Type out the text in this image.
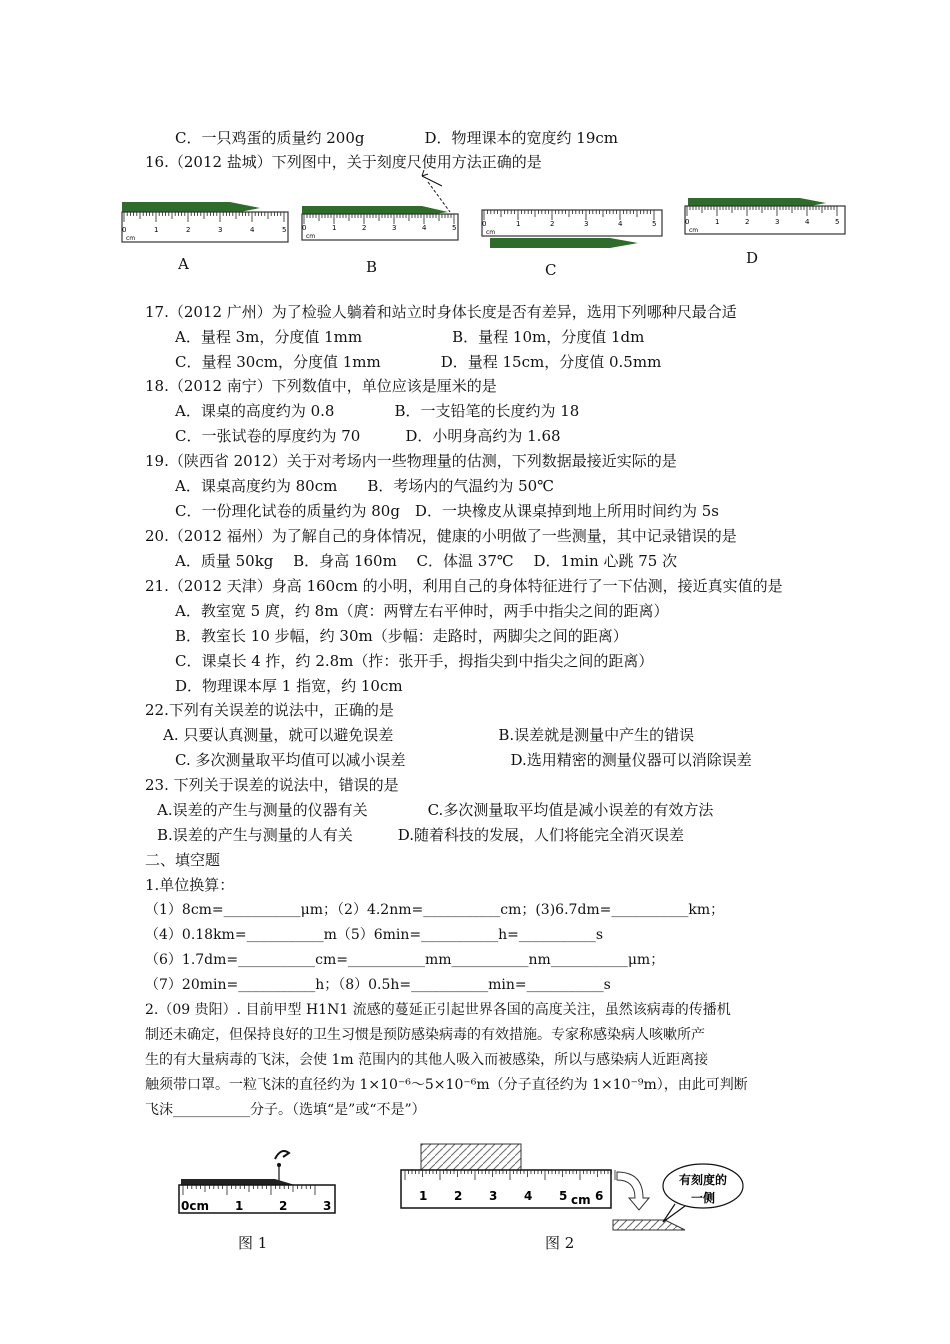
C．一只鸡蛋的质量约 200g　　　　D．物理课本的宽度约 19cm
16.（2012 盐城）下列图中，关于刻度尺使用方法正确的是
0	1	2	3	4	5
cm
0	1	2	3	4	5
cm
0	1	2	3	4	5
cm
0	1	2	3	4	5
cm
A	B	C
D
17.（2012 广州）为了检验人躺着和站立时身体长度是否有差异，选用下列哪种尺最合适
A．量程 3m，分度值 1mm　　　　　　B．量程 10m，分度值 1dm
C．量程 30cm，分度值 1mm　　　　D．量程 15cm，分度值 0.5mm
18.（2012 南宁）下列数值中，单位应该是厘米的是
A．课桌的高度约为 0.8　　　　B．一支铅笔的长度约为 18
C．一张试卷的厚度约为 70　　　D．小明身高约为 1.68
19.（陕西省 2012）关于对考场内一些物理量的估测，下列数据最接近实际的是
A．课桌高度约为 80cm　　B．考场内的气温约为 50℃
C．一份理化试卷的质量约为 80g　D．一块橡皮从课桌掉到地上所用时间约为 5s
20.（2012 福州）为了解自己的身体情况，健康的小明做了一些测量，其中记录错误的是
A．质量 50kg　 B．身高 160m　 C．体温 37℃　 D．1min 心跳 75 次
21.（2012 天津）身高 160cm 的小明，利用自己的身体特征进行了一下估测，接近真实值的是
A．教室宽 5 庹，约 8m（庹：两臂左右平伸时，两手中指尖之间的距离）
B．教室长 10 步幅，约 30m（步幅：走路时，两脚尖之间的距离）
C．课桌长 4 拃，约 2.8m（拃：张开手，拇指尖到中指尖之间的距离）
D．物理课本厚 1 指宽，约 10cm
22.下列有关误差的说法中，正确的是
A. 只要认真测量，就可以避免误差　　　　　　　B.误差就是测量中产生的错误
C. 多次测量取平均值可以减小误差　　　　　　　D.选用精密的测量仪器可以消除误差
23. 下列关于误差的说法中，错误的是
A.误差的产生与测量的仪器有关　　　　C.多次测量取平均值是减小误差的有效方法
B.误差的产生与测量的人有关　　　D.随着科技的发展，人们将能完全消灭误差
二、填空题
1.单位换算：
（1）8cm=___________μm；（2）4.2nm=___________cm；(3)6.7dm=___________km；
（4）0.18km=___________m（5）6min=___________h=___________s
（6）1.7dm=___________cm=___________mm___________nm___________μm；
（7）20min=___________h；（8）0.5h=___________min=___________s
2.（09 贵阳）. 目前甲型 H1N1 流感的蔓延正引起世界各国的高度关注，虽然该病毒的传播机
制还未确定，但保持良好的卫生习惯是预防感染病毒的有效措施。专家称感染病人咳嗽所产
生的有大量病毒的飞沫，会使 1m 范围内的其他人吸入而被感染，所以与感染病人近距离接
触须带口罩。一粒飞沫的直径约为 1×10⁻⁶～5×10⁻⁶m（分子直径约为 1×10⁻⁹m），由此可判断
飞沫___________分子。（选填“是”或“不是”）
0cm 1	2	3
图 1
1 2 3 4 5 6
cm
有刻度的
一侧
图 2
